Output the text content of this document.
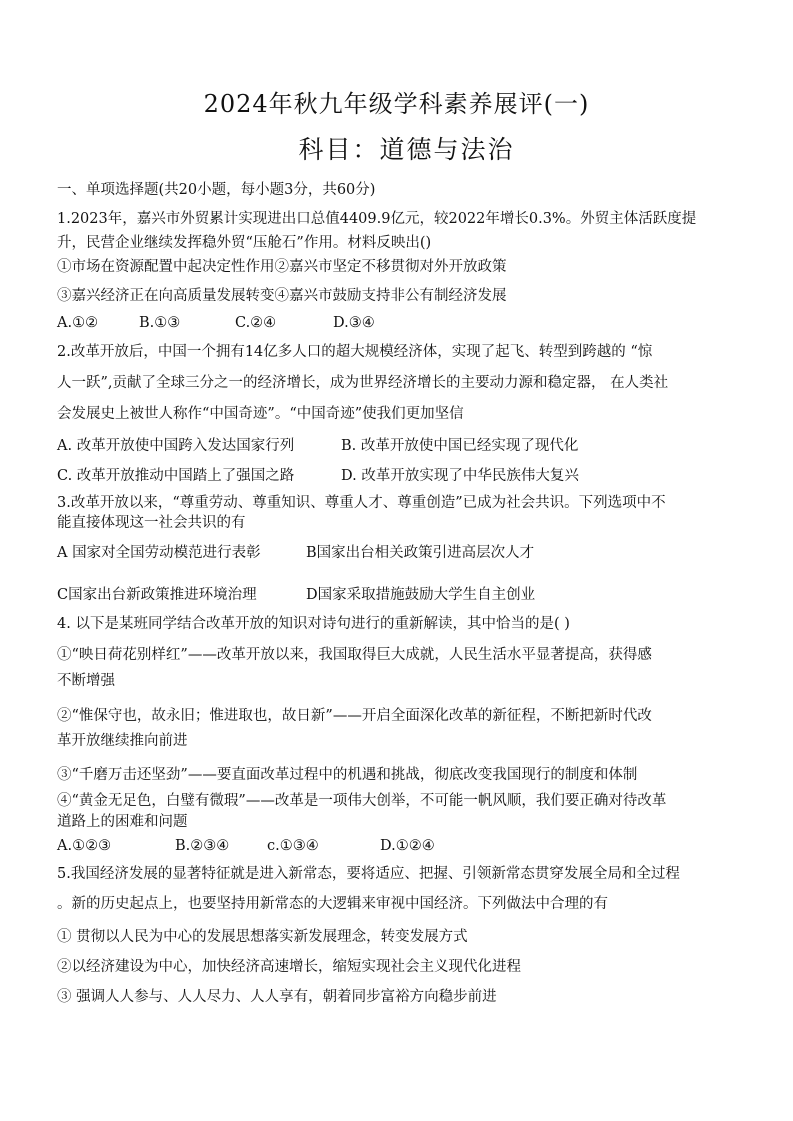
2024年秋九年级学科素养展评(一)
科目：道德与法治
一、单项选择题(共20小题，每小题3分，共60分)
1.2023年，嘉兴市外贸累计实现进出口总值4409.9亿元，较2022年增长0.3%。外贸主体活跃度提
升，民营企业继续发挥稳外贸“压舱石”作用。材料反映出()
①市场在资源配置中起决定性作用②嘉兴市坚定不移贯彻对外开放政策
③嘉兴经济正在向高质量发展转变④嘉兴市鼓励支持非公有制经济发展
A.①②	B.①③	C.②④	D.③④
2.改革开放后，中国一个拥有14亿多人口的超大规模经济体，实现了起飞、转型到跨越的 “惊
人一跃”,贡献了全球三分之一的经济增长，成为世界经济增长的主要动力源和稳定器， 在人类社
会发展史上被世人称作“中国奇迹”。“中国奇迹”使我们更加坚信
A. 改革开放使中国跨入发达国家行列	B. 改革开放使中国已经实现了现代化
C. 改革开放推动中国踏上了强国之路	D. 改革开放实现了中华民族伟大复兴
3.改革开放以来，“尊重劳动、尊重知识、尊重人才、尊重创造”已成为社会共识。下列选项中不
能直接体现这一社会共识的有
A 国家对全国劳动模范进行表彰	B国家出台相关政策引进高层次人才
C国家出台新政策推进环境治理	D国家采取措施鼓励大学生自主创业
4. 以下是某班同学结合改革开放的知识对诗句进行的重新解读，其中恰当的是( )
①“映日荷花别样红”——改革开放以来，我国取得巨大成就，人民生活水平显著提高，获得感
不断增强
②“惟保守也，故永旧；惟进取也，故日新”——开启全面深化改革的新征程，不断把新时代改
革开放继续推向前进
③“千磨万击还坚劲”——要直面改革过程中的机遇和挑战，彻底改变我国现行的制度和体制
④“黄金无足色，白璧有微瑕”——改革是一项伟大创举，不可能一帆风顺，我们要正确对待改革
道路上的困难和问题
A.①②③	B.②③④	c.①③④	D.①②④
5.我国经济发展的显著特征就是进入新常态，要将适应、把握、引领新常态贯穿发展全局和全过程
。新的历史起点上，也要坚持用新常态的大逻辑来审视中国经济。下列做法中合理的有
① 贯彻以人民为中心的发展思想落实新发展理念，转变发展方式
②以经济建设为中心，加快经济高速增长，缩短实现社会主义现代化进程
③ 强调人人参与、人人尽力、人人享有，朝着同步富裕方向稳步前进
